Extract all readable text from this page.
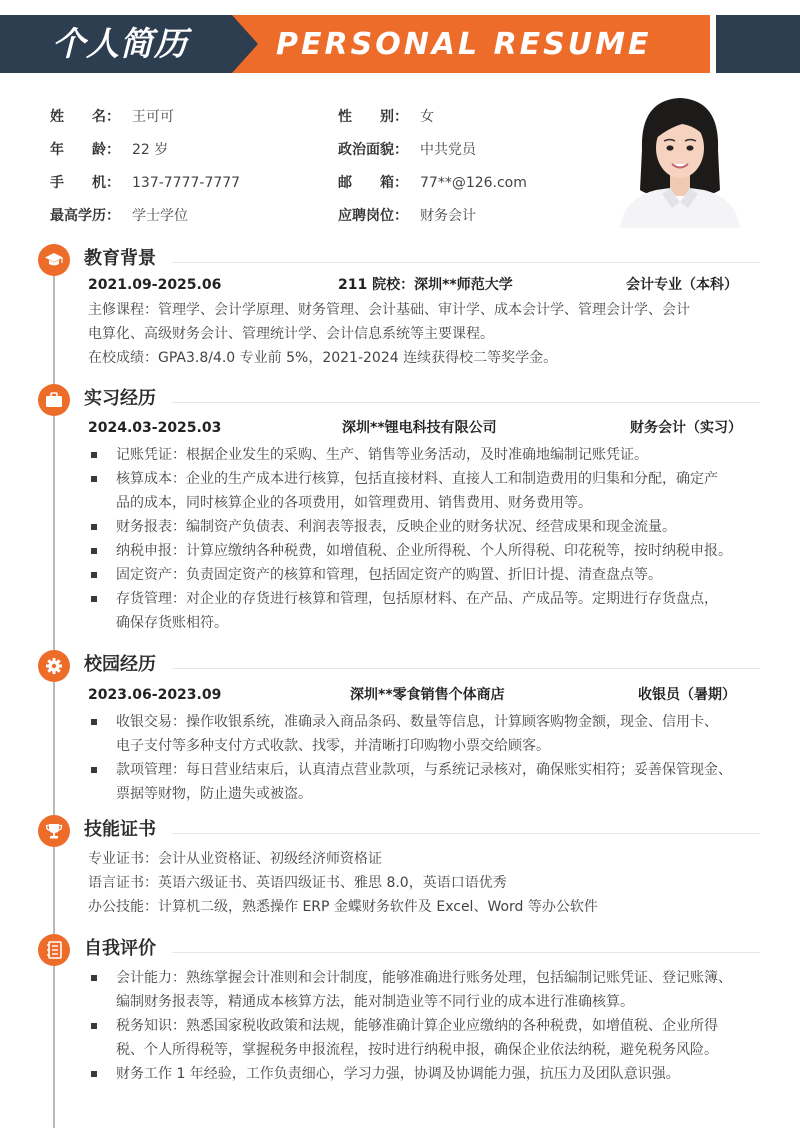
个人简历	PERSONAL RESUME
姓　　名： 王可可	性　　别： 女
年　　龄： 22 岁	政治面貌： 中共党员
手　　机： 137-7777-7777	邮　　箱： 77**@126.com
最高学历： 学士学位	应聘岗位： 财务会计
教育背景
2021.09-2025.06	211 院校：深圳**师范大学	会计专业（本科）
主修课程：管理学、会计学原理、财务管理、会计基础、审计学、成本会计学、管理会计学、会计
电算化、高级财务会计、管理统计学、会计信息系统等主要课程。
在校成绩：GPA3.8/4.0 专业前 5%，2021-2024 连续获得校二等奖学金。
实习经历
2024.03-2025.03	深圳**锂电科技有限公司	财务会计（实习）
记账凭证：根据企业发生的采购、生产、销售等业务活动，及时准确地编制记账凭证。
核算成本：企业的生产成本进行核算，包括直接材料、直接人工和制造费用的归集和分配，确定产
品的成本，同时核算企业的各项费用，如管理费用、销售费用、财务费用等。
财务报表：编制资产负债表、利润表等报表，反映企业的财务状况、经营成果和现金流量。
纳税申报：计算应缴纳各种税费，如增值税、企业所得税、个人所得税、印花税等，按时纳税申报。
固定资产：负责固定资产的核算和管理，包括固定资产的购置、折旧计提、清查盘点等。
存货管理：对企业的存货进行核算和管理，包括原材料、在产品、产成品等。定期进行存货盘点，
确保存货账相符。
校园经历
2023.06-2023.09	深圳**零食销售个体商店	收银员（暑期）
收银交易：操作收银系统，准确录入商品条码、数量等信息，计算顾客购物金额，现金、信用卡、
电子支付等多种支付方式收款、找零，并清晰打印购物小票交给顾客。
款项管理：每日营业结束后，认真清点营业款项，与系统记录核对，确保账实相符；妥善保管现金、
票据等财物，防止遗失或被盗。
技能证书
专业证书：会计从业资格证、初级经济师资格证
语言证书：英语六级证书、英语四级证书、雅思 8.0，英语口语优秀
办公技能：计算机二级，熟悉操作 ERP 金蝶财务软件及 Excel、Word 等办公软件
自我评价
会计能力：熟练掌握会计准则和会计制度，能够准确进行账务处理，包括编制记账凭证、登记账簿、
编制财务报表等，精通成本核算方法，能对制造业等不同行业的成本进行准确核算。
税务知识：熟悉国家税收政策和法规，能够准确计算企业应缴纳的各种税费，如增值税、企业所得
税、个人所得税等，掌握税务申报流程，按时进行纳税申报，确保企业依法纳税，避免税务风险。
财务工作 1 年经验，工作负责细心，学习力强，协调及协调能力强，抗压力及团队意识强。
